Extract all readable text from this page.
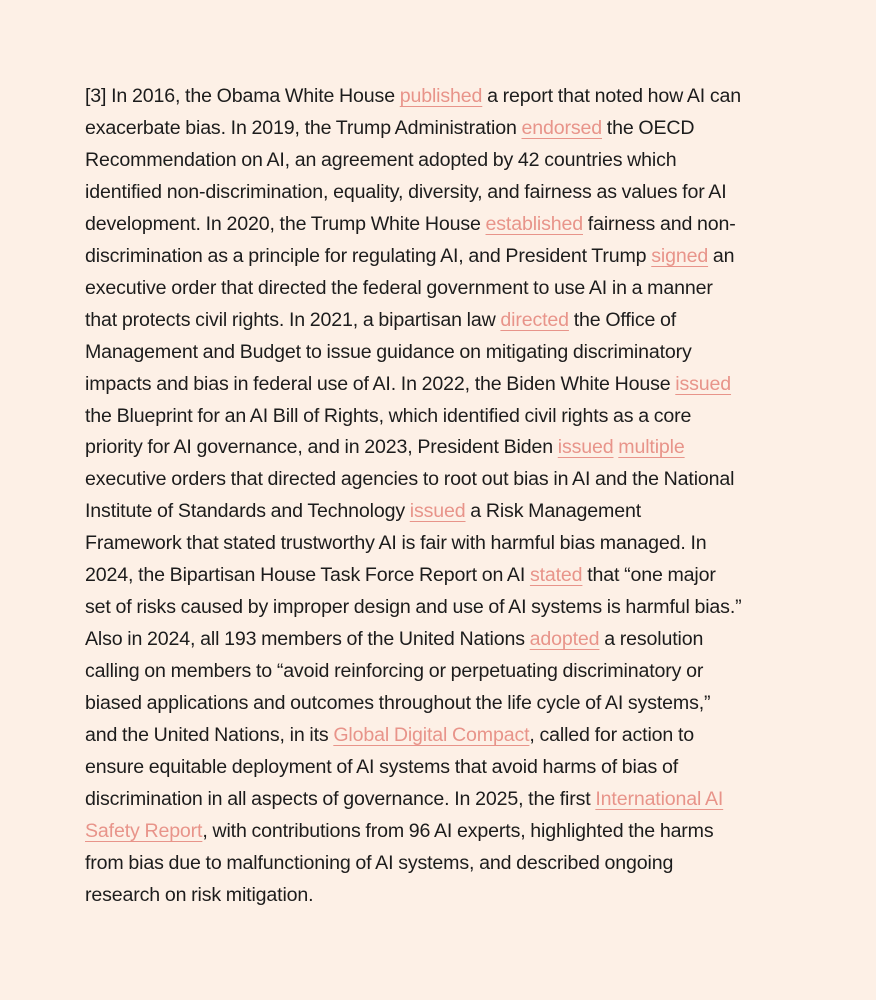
[3] In 2016, the Obama White House published a report that noted how AI can
exacerbate bias. In 2019, the Trump Administration endorsed the OECD
Recommendation on AI, an agreement adopted by 42 countries which
identified non-discrimination, equality, diversity, and fairness as values for AI
development. In 2020, the Trump White House established fairness and non-
discrimination as a principle for regulating AI, and President Trump signed an
executive order that directed the federal government to use AI in a manner
that protects civil rights. In 2021, a bipartisan law directed the Office of
Management and Budget to issue guidance on mitigating discriminatory
impacts and bias in federal use of AI. In 2022, the Biden White House issued
the Blueprint for an AI Bill of Rights, which identified civil rights as a core
priority for AI governance, and in 2023, President Biden issued multiple
executive orders that directed agencies to root out bias in AI and the National
Institute of Standards and Technology issued a Risk Management
Framework that stated trustworthy AI is fair with harmful bias managed. In
2024, the Bipartisan House Task Force Report on AI stated that “one major
set of risks caused by improper design and use of AI systems is harmful bias.”
Also in 2024, all 193 members of the United Nations adopted a resolution
calling on members to “avoid reinforcing or perpetuating discriminatory or
biased applications and outcomes throughout the life cycle of AI systems,”
and the United Nations, in its Global Digital Compact, called for action to
ensure equitable deployment of AI systems that avoid harms of bias of
discrimination in all aspects of governance. In 2025, the first International AI
Safety Report, with contributions from 96 AI experts, highlighted the harms
from bias due to malfunctioning of AI systems, and described ongoing
research on risk mitigation.
